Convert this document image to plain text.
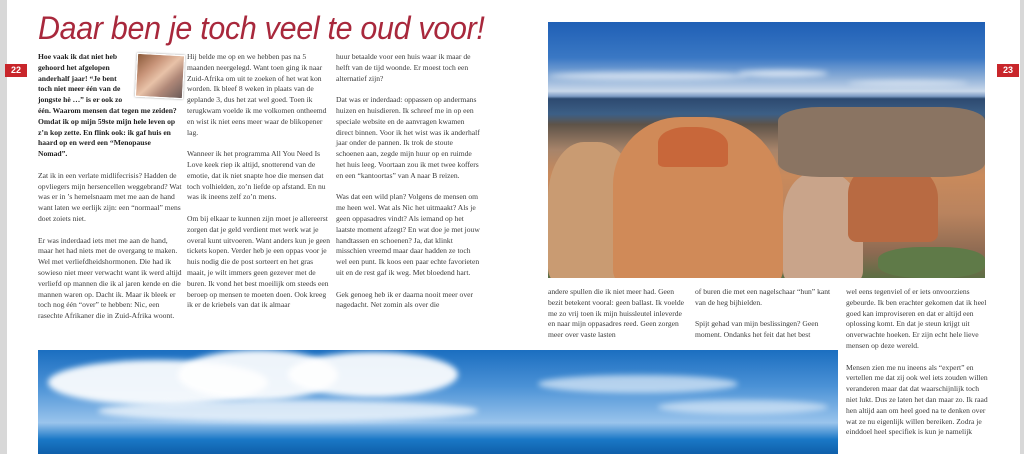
22	23
Daar ben je toch veel te oud voor!

Hoe vaak ik dat niet heb gehoord het afgelopen anderhalf jaar! “Je bent toch niet meer één van de jongste hè …” is er ook zo één. Waarom mensen dat tegen me zeiden? Omdat ik op mijn 59ste mijn hele leven op z’n kop zette. En flink ook: ik gaf huis en haard op en werd een “Menopause Nomad”.

Zat ik in een verlate midlifecrisis? Hadden de opvliegers mijn hersencellen weggebrand? Wat was er in ’s hemelsnaam met me aan de hand want laten we eerlijk zijn: een “normaal” mens doet zoiets niet.

Er was inderdaad iets met me aan de hand, maar het had niets met de overgang te maken. Wel met verliefdheidshormonen. Die had ik sowieso niet meer verwacht want ik werd altijd verliefd op mannen die ik al jaren kende en die mannen waren op. Dacht ik. Maar ik bleek er toch nog één “over” te hebben: Nic, een rasechte Afrikaner die in Zuid-Afrika woont.

Hij belde me op en we hebben pas na 5 maanden neergelegd. Want toen ging ik naar Zuid-Afrika om uit te zoeken of het wat kon worden. Ik bleef 8 weken in plaats van de geplande 3, dus het zat wel goed. Toen ik terugkwam voelde ik me volkomen ontheemd en wist ik niet eens meer waar de blikopener lag.

Wanneer ik het programma All You Need Is Love keek riep ik altijd, snotterend van de emotie, dat ik niet snapte hoe die mensen dat toch volhielden, zo’n liefde op afstand. En nu was ik ineens zelf zo’n mens.

Om bij elkaar te kunnen zijn moet je allereerst zorgen dat je geld verdient met werk wat je overal kunt uitvoeren. Want anders kun je geen tickets kopen. Verder heb je een oppas voor je huis nodig die de post sorteert en het gras maait, je wilt immers geen gezever met de buren. Ik vond het best moeilijk om steeds een beroep op mensen te moeten doen. Ook kreeg ik er de kriebels van dat ik almaar

huur betaalde voor een huis waar ik maar de helft van de tijd woonde. Er moest toch een alternatief zijn?

Dat was er inderdaad: oppassen op andermans huizen en huisdieren. Ik schreef me in op een speciale website en de aanvragen kwamen direct binnen. Voor ik het wist was ik anderhalf jaar onder de pannen. Ik trok de stoute schoenen aan, zegde mijn huur op en ruimde het huis leeg. Voortaan zou ik met twee koffers en een “kantoortas” van A naar B reizen.

Was dat een wild plan? Volgens de mensen om me heen wel. Wat als Nic het uitmaakt? Als je geen oppasadres vindt? Als iemand op het laatste moment afzegt? En wat doe je met jouw handtassen en schoenen? Ja, dat klinkt misschien vreemd maar daar hadden ze toch wel een punt. Ik koos een paar echte favorieten uit en de rest gaf ik weg. Met bloedend hart.

Gek genoeg heb ik er daarna nooit meer over nagedacht. Net zomin als over die

andere spullen die ik niet meer had. Geen bezit betekent vooral: geen ballast. Ik voelde me zo vrij toen ik mijn huissleutel inleverde en naar mijn oppasadres reed. Geen zorgen meer over vaste lasten

of buren die met een nagelschaar “hun” kant van de heg bijhielden.

Spijt gehad van mijn beslissingen? Geen moment. Ondanks het feit dat het best

wel eens tegenviel of er iets onvoorziens gebeurde. Ik ben erachter gekomen dat ik heel goed kan improviseren en dat er altijd een oplossing komt. En dat je steun krijgt uit onverwachte hoeken. Er zijn echt hele lieve mensen op deze wereld.

Mensen zien me nu ineens als “expert” en vertellen me dat zij ook wel iets zouden willen veranderen maar dat dat waarschijnlijk toch niet lukt. Dus ze laten het dan maar zo. Ik raad hen altijd aan om heel goed na te denken over wat ze nu eigenlijk willen bereiken. Zodra je einddoel heel specifiek is kun je namelijk
